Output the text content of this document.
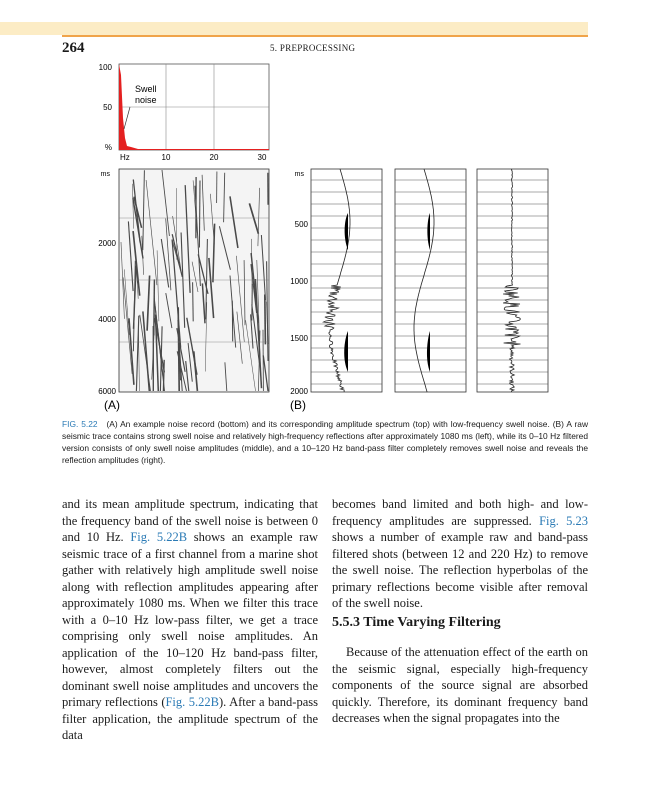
264	5. PREPROCESSING
100
50
%
Hz	10	20	30
Swell
noise
ms
2000
4000
6000
(A)
ms
500
1000
1500
2000
(B)
FIG. 5.22 (A) An example noise record (bottom) and its corresponding amplitude spectrum (top) with low-frequency swell noise. (B) A raw seismic trace contains strong swell noise and relatively high-frequency reflections after approximately 1080 ms (left), while its 0–10 Hz filtered version consists of only swell noise amplitudes (middle), and a 10–120 Hz band-pass filter completely removes swell noise and reveals the reflection amplitudes (right).

and its mean amplitude spectrum, indicating that the frequency band of the swell noise is between 0 and 10 Hz. Fig. 5.22B shows an example raw seismic trace of a first channel from a marine shot gather with relatively high amplitude swell noise along with reflection amplitudes appearing after approximately 1080 ms. When we filter this trace with a 0–10 Hz low-pass filter, we get a trace comprising only swell noise amplitudes. An application of the 10–120 Hz band-pass filter, however, almost completely filters out the dominant swell noise amplitudes and uncovers the primary reflections (Fig. 5.22B). After a band-pass filter application, the amplitude spectrum of the data

becomes band limited and both high- and low-frequency amplitudes are suppressed. Fig. 5.23 shows a number of example raw and band-pass filtered shots (between 12 and 220 Hz) to remove the swell noise. The reflection hyperbolas of the primary reflections become visible after removal of the swell noise.

5.5.3 Time Varying Filtering
Because of the attenuation effect of the earth on the seismic signal, especially high-frequency components of the source signal are absorbed quickly. Therefore, its dominant frequency band decreases when the signal propagates into the
